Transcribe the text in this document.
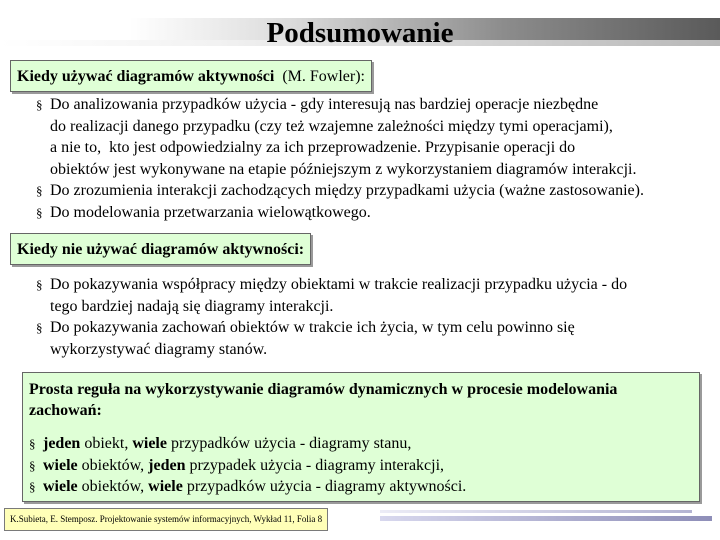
Podsumowanie
Kiedy używać diagramów aktywności (M. Fowler):
§ Do analizowania przypadków użycia - gdy interesują nas bardziej operacje niezbędne
do realizacji danego przypadku (czy też wzajemne zależności między tymi operacjami),
a nie to,  kto jest odpowiedzialny za ich przeprowadzenie. Przypisanie operacji do
obiektów jest wykonywane na etapie późniejszym z wykorzystaniem diagramów interakcji.
§ Do zrozumienia interakcji zachodzących między przypadkami użycia (ważne zastosowanie).
§ Do modelowania przetwarzania wielowątkowego.
Kiedy nie używać diagramów aktywności:
§ Do pokazywania współpracy między obiektami w trakcie realizacji przypadku użycia - do
tego bardziej nadają się diagramy interakcji.
§ Do pokazywania zachowań obiektów w trakcie ich życia, w tym celu powinno się
wykorzystywać diagramy stanów.

Prosta reguła na wykorzystywanie diagramów dynamicznych w procesie modelowania zachowań:

§ jeden obiekt, wiele przypadków użycia - diagramy stanu,
§ wiele obiektów, jeden przypadek użycia - diagramy interakcji,
§ wiele obiektów, wiele przypadków użycia - diagramy aktywności.
K.Subieta, E. Stemposz. Projektowanie systemów informacyjnych, Wykład 11, Folia 8
